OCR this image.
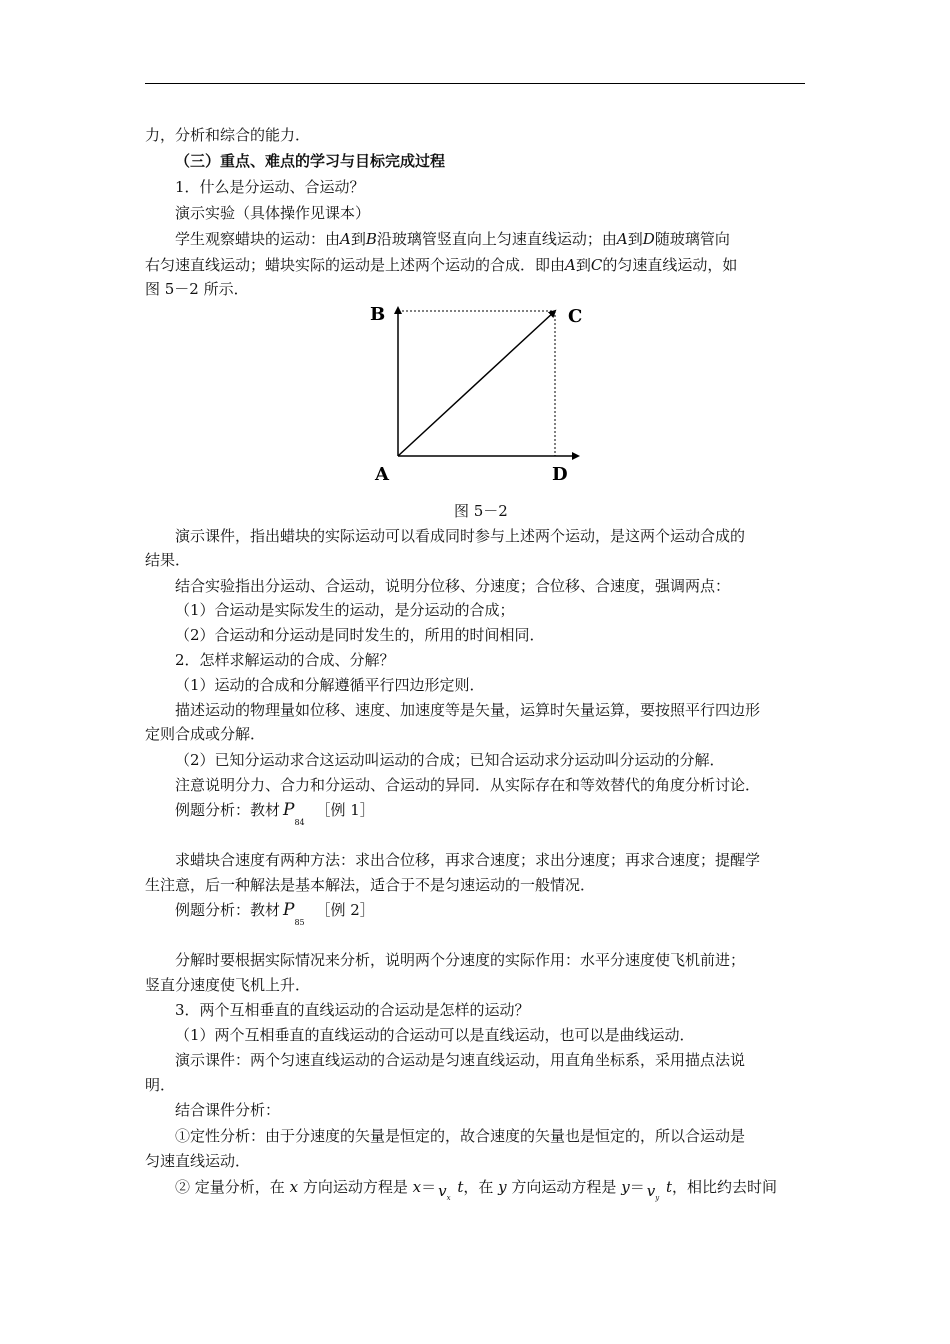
力，分析和综合的能力．
（三）重点、难点的学习与目标完成过程
1．什么是分运动、合运动？
演示实验（具体操作见课本）
学生观察蜡块的运动：由A到B沿玻璃管竖直向上匀速直线运动；由A到D随玻璃管向
右匀速直线运动；蜡块实际的运动是上述两个运动的合成．即由A到C的匀速直线运动，如
图 5－2 所示．
B	C
A	D
图 5－2
演示课件，指出蜡块的实际运动可以看成同时参与上述两个运动，是这两个运动合成的
结果．
结合实验指出分运动、合运动，说明分位移、分速度；合位移、合速度，强调两点：
（1）合运动是实际发生的运动，是分运动的合成；
（2）合运动和分运动是同时发生的，所用的时间相同．
2．怎样求解运动的合成、分解？
（1）运动的合成和分解遵循平行四边形定则．
描述运动的物理量如位移、速度、加速度等是矢量，运算时矢量运算，要按照平行四边形
定则合成或分解．
（2）已知分运动求合这运动叫运动的合成；已知合运动求分运动叫分运动的分解．
注意说明分力、合力和分运动、合运动的异同．从实际存在和等效替代的角度分析讨论．
例题分析：教材 $P_{84}$ ［例 1］
求蜡块合速度有两种方法：求出合位移，再求合速度；求出分速度；再求合速度；提醒学
生注意，后一种解法是基本解法，适合于不是匀速运动的一般情况．
例题分析：教材 $P_{85}$ ［例 2］
分解时要根据实际情况来分析，说明两个分速度的实际作用：水平分速度使飞机前进；
竖直分速度使飞机上升．
3．两个互相垂直的直线运动的合运动是怎样的运动？
（1）两个互相垂直的直线运动的合运动可以是直线运动，也可以是曲线运动．
演示课件：两个匀速直线运动的合运动是匀速直线运动，用直角坐标系，采用描点法说
明．
结合课件分析：
①定性分析：由于分速度的矢量是恒定的，故合速度的矢量也是恒定的，所以合运动是
匀速直线运动．
② 定量分析，在 x 方向运动方程是 $x= v_x$ t，在 y 方向运动方程是 $y= v_y$ t，相比约去时间
